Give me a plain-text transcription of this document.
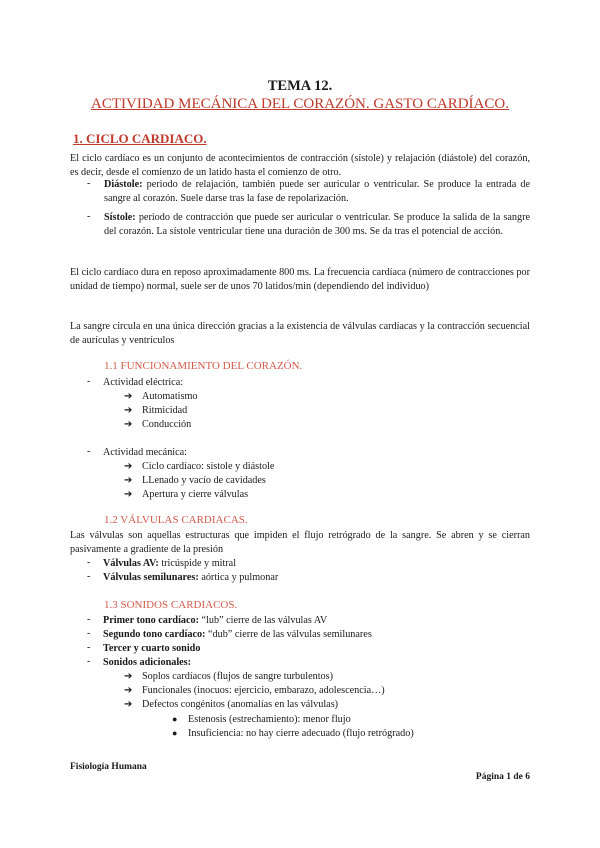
TEMA 12.
ACTIVIDAD MECÁNICA DEL CORAZÓN. GASTO CARDÍACO.
1. CICLO CARDIACO.
El ciclo cardíaco es un conjunto de acontecimientos de contracción (sístole) y relajación (diástole) del corazón, es decir, desde el comienzo de un latido hasta el comienzo de otro.
- Diástole: periodo de relajación, también puede ser auricular o ventricular. Se produce la entrada de sangre al corazón. Suele darse tras la fase de repolarización.
- Sístole: periodo de contracción que puede ser auricular o ventricular. Se produce la salida de la sangre del corazón. La sístole ventricular tiene una duración de 300 ms. Se da tras el potencial de acción.
El ciclo cardíaco dura en reposo aproximadamente 800 ms. La frecuencia cardíaca (número de contracciones por unidad de tiempo) normal, suele ser de unos 70 latidos/min (dependiendo del individuo)
La sangre circula en una única dirección gracias a la existencia de válvulas cardíacas y la contracción secuencial de aurículas y ventrículos
1.1 FUNCIONAMIENTO DEL CORAZÓN.
- Actividad eléctrica:
➔ Automatismo
➔ Ritmicidad
➔ Conducción
- Actividad mecánica:
➔ Ciclo cardíaco: sístole y diástole
➔ LLenado y vacío de cavidades
➔ Apertura y cierre válvulas
1.2 VÁLVULAS CARDIACAS.
Las válvulas son aquellas estructuras que impiden el flujo retrógrado de la sangre. Se abren y se cierran pasivamente a gradiente de la presión
- Válvulas AV: tricúspide y mitral
- Válvulas semilunares: aórtica y pulmonar
1.3 SONIDOS CARDIACOS.
- Primer tono cardíaco: “lub” cierre de las válvulas AV
- Segundo tono cardíaco: “dub” cierre de las válvulas semilunares
- Tercer y cuarto sonido
- Sonidos adicionales:
➔ Soplos cardíacos (flujos de sangre turbulentos)
➔ Funcionales (inocuos: ejercicio, embarazo, adolescencia…)
➔ Defectos congénitos (anomalías en las válvulas)
● Estenosis (estrechamiento): menor flujo
● Insuficiencia: no hay cierre adecuado (flujo retrógrado)
Fisiología Humana
Página 1 de 6
